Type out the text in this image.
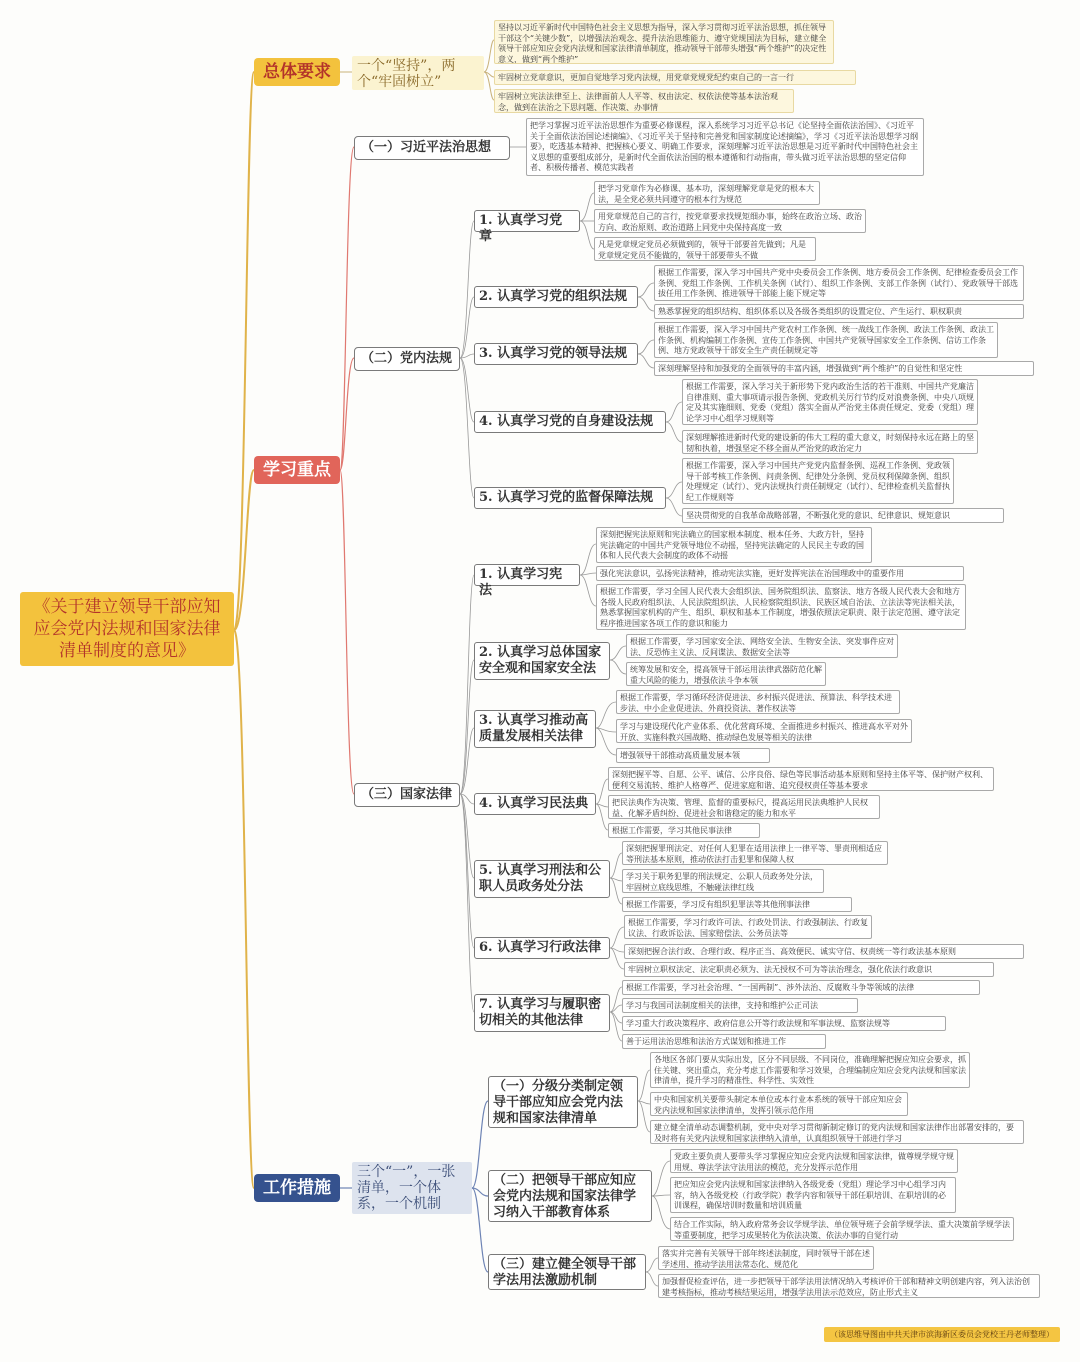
《关于建立领导干部应知应会党内法规和国家法律清单制度的意见》
总体要求	一个“坚持”，两个“牢固树立”
坚持以习近平新时代中国特色社会主义思想为指导，深入学习贯彻习近平法治思想，抓住领导干部这个“关键少数”，以增强法治观念、提升法治思维能力、遵守党规国法为目标，建立健全领导干部应知应会党内法规和国家法律清单制度，推动领导干部带头增强“两个维护”的决定性意义，做到“两个维护”
牢固树立党章意识，更加自觉地学习党内法规，用党章党规党纪约束自己的一言一行
牢固树立宪法法律至上、法律面前人人平等、权由法定、权依法使等基本法治观念，做到在法治之下思问题、作决策、办事情
学习重点
（一）习近平法治思想
把学习掌握习近平法治思想作为重要必修课程，深入系统学习习近平总书记《论坚持全面依法治国》、《习近平关于全面依法治国论述摘编》、《习近平关于坚持和完善党和国家制度论述摘编》，学习《习近平法治思想学习纲要》，吃透基本精神、把握核心要义、明确工作要求，深刻理解习近平法治思想是习近平新时代中国特色社会主义思想的重要组成部分，是新时代全面依法治国的根本遵循和行动指南，带头做习近平法治思想的坚定信仰者、积极传播者、模范实践者
（二）党内法规
1. 认真学习党章
把学习党章作为必修课、基本功，深刻理解党章是党的根本大法，是全党必须共同遵守的根本行为规范
用党章规范自己的言行，按党章要求找规矩细办事，始终在政治立场、政治方向、政治原则、政治道路上同党中央保持高度一致
凡是党章规定党员必须做到的，领导干部要首先做到；凡是党章规定党员不能做的，领导干部要带头不做
2. 认真学习党的组织法规
根据工作需要，深入学习中国共产党中央委员会工作条例、地方委员会工作条例、纪律检查委员会工作条例、党组工作条例、工作机关条例（试行）、组织工作条例、支部工作条例（试行）、党政领导干部选拔任用工作条例、推进领导干部能上能下规定等
熟悉掌握党的组织结构、组织体系以及各级各类组织的设置定位、产生运行、职权职责
3. 认真学习党的领导法规
根据工作需要，深入学习中国共产党农村工作条例、统一战线工作条例、政法工作条例、政法工作条例、机构编制工作条例、宣传工作条例、中国共产党领导国家安全工作条例、信访工作条例、地方党政领导干部安全生产责任制规定等
深刻理解坚持和加强党的全面领导的丰富内涵，增强做到“两个维护”的自觉性和坚定性
4. 认真学习党的自身建设法规
根据工作需要，深入学习关于新形势下党内政治生活的若干准则、中国共产党廉洁自律准则、重大事项请示报告条例、党政机关厉行节约反对浪费条例、中央八项规定及其实施细则、党委（党组）落实全面从严治党主体责任规定、党委（党组）理论学习中心组学习规则等
深刻理解推进新时代党的建设新的伟大工程的重大意义，时刻保持永远在路上的坚韧和执着，增强坚定不移全面从严治党的政治定力
5. 认真学习党的监督保障法规
根据工作需要，深入学习中国共产党党内监督条例、巡视工作条例、党政领导干部考核工作条例、问责条例、纪律处分条例、党员权利保障条例、组织处理规定（试行）、党内法规执行责任制规定（试行）、纪律检查机关监督执纪工作规则等
坚决贯彻党的自我革命战略部署，不断强化党的意识、纪律意识、规矩意识
（三）国家法律
1. 认真学习宪法
深刻把握宪法原则和宪法确立的国家根本制度、根本任务、大政方针，坚持宪法确定的中国共产党领导地位不动摇，坚持宪法确定的人民民主专政的国体和人民代表大会制度的政体不动摇
强化宪法意识，弘扬宪法精神，推动宪法实施，更好发挥宪法在治国理政中的重要作用
根据工作需要，学习全国人民代表大会组织法、国务院组织法、监察法、地方各级人民代表大会和地方各级人民政府组织法、人民法院组织法、人民检察院组织法、民族区域自治法、立法法等宪法相关法，熟悉掌握国家机构的产生、组织、职权和基本工作制度，增强依照法定职责、限于法定范围、遵守法定程序推进国家各项工作的意识和能力
2. 认真学习总体国家安全观和国家安全法
根据工作需要，学习国家安全法、网络安全法、生物安全法、突发事件应对法、反恐怖主义法、反间谍法、数据安全法等
统筹发展和安全，提高领导干部运用法律武器防范化解重大风险的能力，增强依法斗争本领
3. 认真学习推动高质量发展相关法律
根据工作需要，学习循环经济促进法、乡村振兴促进法、预算法、科学技术进步法、中小企业促进法、外商投资法、著作权法等
学习与建设现代化产业体系、优化营商环境、全面推进乡村振兴、推进高水平对外开放、实施科教兴国战略、推动绿色发展等相关的法律
增强领导干部推动高质量发展本领
4. 认真学习民法典
深刻把握平等、自愿、公平、诚信、公序良俗、绿色等民事活动基本原则和坚持主体平等、保护财产权利、便利交易流转、维护人格尊严、促进家庭和谐、追究侵权责任等基本要求
把民法典作为决策、管理、监督的重要标尺，提高运用民法典维护人民权益、化解矛盾纠纷、促进社会和谐稳定的能力和水平
根据工作需要，学习其他民事法律
5. 认真学习刑法和公职人员政务处分法
深刻把握罪刑法定、对任何人犯罪在适用法律上一律平等、罪责刑相适应等刑法基本原则，推动依法打击犯罪和保障人权
学习关于职务犯罪的刑法规定、公职人员政务处分法，牢固树立底线思维，不触碰法律红线
根据工作需要，学习反有组织犯罪法等其他刑事法律
6. 认真学习行政法律
根据工作需要，学习行政许可法、行政处罚法、行政强制法、行政复议法、行政诉讼法、国家赔偿法、公务员法等
深刻把握合法行政、合理行政、程序正当、高效便民、诚实守信、权责统一等行政法基本原则
牢固树立职权法定、法定职责必须为、法无授权不可为等法治理念，强化依法行政意识
7. 认真学习与履职密切相关的其他法律
根据工作需要，学习社会治理、“一国两制”、涉外法治、反腐败斗争等领域的法律
学习与我国司法制度相关的法律，支持和维护公正司法
学习重大行政决策程序、政府信息公开等行政法规和军事法规、监察法规等
善于运用法治思维和法治方式谋划和推进工作
工作措施
三个“一”，一张清单，一个体系，一个机制
（一）分级分类制定领导干部应知应会党内法规和国家法律清单
各地区各部门要从实际出发，区分不同层级、不同岗位，准确理解把握应知应会要求，抓住关键、突出重点，充分考虑工作需要和学习效果，合理编制应知应会党内法规和国家法律清单，提升学习的精准性、科学性、实效性
中央和国家机关要带头制定本单位或本行业本系统的领导干部应知应会党内法规和国家法律清单，发挥引领示范作用
建立健全清单动态调整机制，党中央对学习贯彻新制定修订的党内法规和国家法律作出部署安排的，要及时将有关党内法规和国家法律纳入清单，认真组织领导干部进行学习
（二）把领导干部应知应会党内法规和国家法律学习纳入干部教育体系
党政主要负责人要带头学习掌握应知应会党内法规和国家法律，做尊规学规守规用规、尊法学法守法用法的模范，充分发挥示范作用
把应知应会党内法规和国家法律纳入各级党委（党组）理论学习中心组学习内容，纳入各级党校（行政学院）教学内容和领导干部任职培训、在职培训的必训课程，确保培训时数量和培训质量
结合工作实际，纳入政府常务会议学规学法、单位领导班子会前学规学法、重大决策前学规学法等重要制度，把学习成果转化为依法决策、依法办事的自觉行动
（三）建立健全领导干部学法用法激励机制
落实并完善有关领导干部年终述法制度，同时领导干部在述学述用、推动学法用法常态化、规范化
加强督促检查评估，进一步把领导干部学法用法情况纳入考核评价干部和精神文明创建内容，列入法治创建考核指标，推动考核结果运用，增强学法用法示范效应，防止形式主义
（该思维导图由中共天津市滨海新区委员会党校王丹老师整理）
